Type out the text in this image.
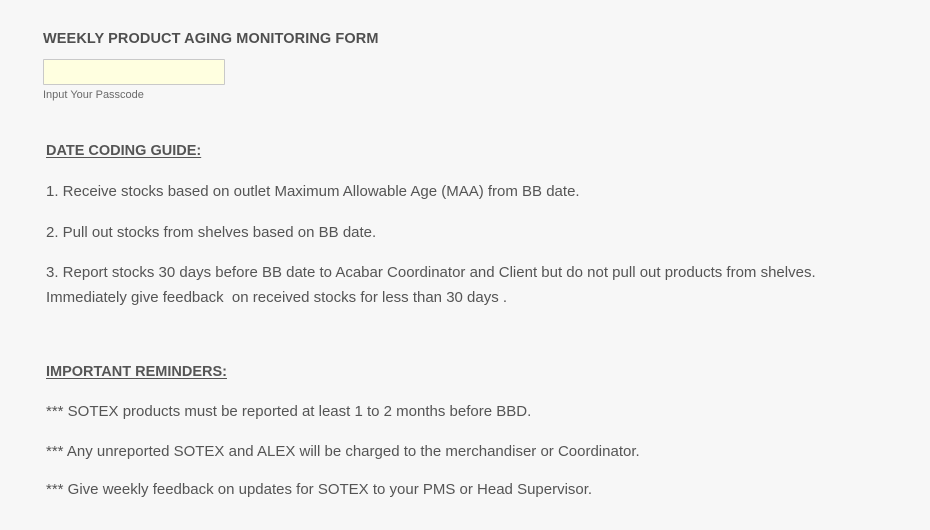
WEEKLY PRODUCT AGING MONITORING FORM
Input Your Passcode
DATE CODING GUIDE:
1. Receive stocks based on outlet Maximum Allowable Age (MAA) from BB date.
2. Pull out stocks from shelves based on BB date.
3. Report stocks 30 days before BB date to Acabar Coordinator and Client but do not pull out products from shelves.
Immediately give feedback  on received stocks for less than 30 days .
IMPORTANT REMINDERS:
*** SOTEX products must be reported at least 1 to 2 months before BBD.
*** Any unreported SOTEX and ALEX will be charged to the merchandiser or Coordinator.
*** Give weekly feedback on updates for SOTEX to your PMS or Head Supervisor.
